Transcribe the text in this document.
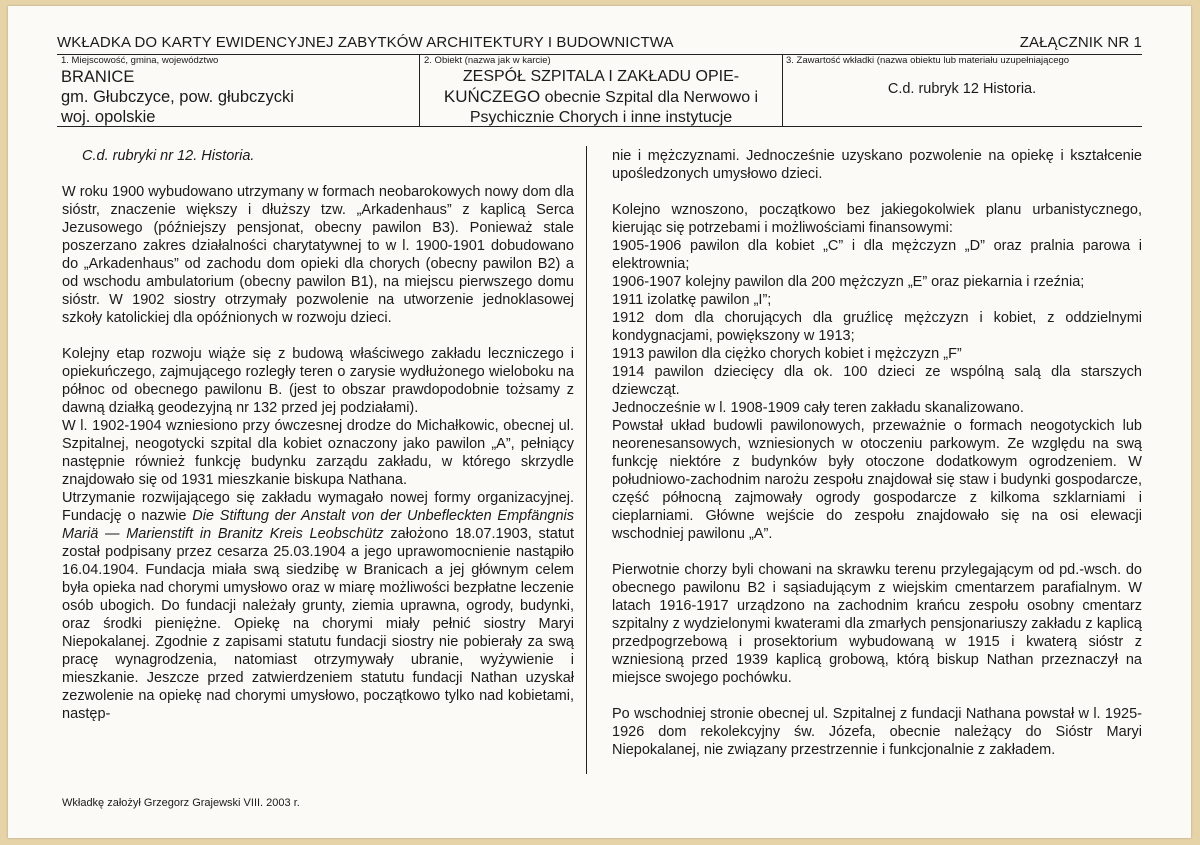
WKŁADKA DO KARTY EWIDENCYJNEJ ZABYTKÓW ARCHITEKTURY I BUDOWNICTWA	ZAŁĄCZNIK NR 1
1. Miejscowość, gmina, województwo
BRANICE
gm. Głubczyce, pow. głubczycki
woj. opolskie
2. Obiekt (nazwa jak w karcie)
ZESPÓŁ SZPITALA I ZAKŁADU OPIE-
KUŃCZEGO obecnie Szpital dla Nerwowo i
Psychicznie Chorych i inne instytucje
3. Zawartość wkładki (nazwa obiektu lub materiału uzupełniającego
C.d. rubryk 12 Historia.

C.d. rubryki nr 12. Historia.

W roku 1900 wybudowano utrzymany w formach neobarokowych nowy dom dla sióstr, znaczenie większy i dłuższy tzw. „Arkadenhaus” z kaplicą Serca Jezusowego (późniejszy pensjonat, obecny pawilon B3). Ponieważ stale poszerzano zakres działalności charytatywnej to w l. 1900-1901 dobudowano do „Arkadenhaus” od zachodu dom opieki dla chorych (obecny pawilon B2) a od wschodu ambulatorium (obecny pawilon B1), na miejscu pierwszego domu sióstr. W 1902 siostry otrzymały pozwolenie na utworzenie jednoklasowej szkoły katolickiej dla opóźnionych w rozwoju dzieci.

Kolejny etap rozwoju wiąże się z budową właściwego zakładu leczniczego i opiekuńczego, zajmującego rozległy teren o zarysie wydłużonego wieloboku na północ od obecnego pawilonu B. (jest to obszar prawdopodobnie tożsamy z dawną działką geodezyjną nr 132 przed jej podziałami).

W l. 1902-1904 wzniesiono przy ówczesnej drodze do Michałkowic, obecnej ul. Szpitalnej, neogotycki szpital dla kobiet oznaczony jako pawilon „A”, pełniący następnie również funkcję budynku zarządu zakładu, w którego skrzydle znajdowało się od 1931 mieszkanie biskupa Nathana.

Utrzymanie rozwijającego się zakładu wymagało nowej formy organizacyjnej. Fundację o nazwie Die Stiftung der Anstalt von der Unbefleckten Empfängnis Mariä — Marienstift in Branitz Kreis Leobschütz założono 18.07.1903, statut został podpisany przez cesarza 25.03.1904 a jego uprawomocnienie nastąpiło 16.04.1904. Fundacja miała swą siedzibę w Branicach a jej głównym celem była opieka nad chorymi umysłowo oraz w miarę możliwości bezpłatne leczenie osób ubogich. Do fundacji należały grunty, ziemia uprawna, ogrody, budynki, oraz środki pieniężne. Opiekę na chorymi miały pełnić siostry Maryi Niepokalanej. Zgodnie z zapisami statutu fundacji siostry nie pobierały za swą pracę wynagrodzenia, natomiast otrzymywały ubranie, wyżywienie i mieszkanie. Jeszcze przed zatwierdzeniem statutu fundacji Nathan uzyskał zezwolenie na opiekę nad chorymi umysłowo, początkowo tylko nad kobietami, następ-

nie i mężczyznami. Jednocześnie uzyskano pozwolenie na opiekę i kształcenie upośledzonych umysłowo dzieci.

Kolejno wznoszono, początkowo bez jakiegokolwiek planu urbanistycznego, kierując się potrzebami i możliwościami finansowymi:

1905-1906 pawilon dla kobiet „C” i dla mężczyzn „D” oraz pralnia parowa i elektrownia;

1906-1907 kolejny pawilon dla 200 mężczyzn „E” oraz piekarnia i rzeźnia;

1911 izolatkę pawilon „I”;

1912 dom dla chorujących dla gruźlicę mężczyzn i kobiet, z oddzielnymi kondygnacjami, powiększony w 1913;

1913 pawilon dla ciężko chorych kobiet i mężczyzn „F”

1914 pawilon dziecięcy dla ok. 100 dzieci ze wspólną salą dla starszych dziewcząt.

Jednocześnie w l. 1908-1909 cały teren zakładu skanalizowano.

Powstał układ budowli pawilonowych, przeważnie o formach neogotyckich lub neorenesansowych, wzniesionych w otoczeniu parkowym. Ze względu na swą funkcję niektóre z budynków były otoczone dodatkowym ogrodzeniem. W południowo-zachodnim narożu zespołu znajdował się staw i budynki gospodarcze, część północną zajmowały ogrody gospodarcze z kilkoma szklarniami i cieplarniami. Główne wejście do zespołu znajdowało się na osi elewacji wschodniej pawilonu „A”.

Pierwotnie chorzy byli chowani na skrawku terenu przylegającym od pd.-wsch. do obecnego pawilonu B2 i sąsiadującym z wiejskim cmentarzem parafialnym. W latach 1916-1917 urządzono na zachodnim krańcu zespołu osobny cmentarz szpitalny z wydzielonymi kwaterami dla zmarłych pensjonariuszy zakładu z kaplicą przedpogrzebową i prosektorium wybudowaną w 1915 i kwaterą sióstr z wzniesioną przed 1939 kaplicą grobową, którą biskup Nathan przeznaczył na miejsce swojego pochówku.

Po wschodniej stronie obecnej ul. Szpitalnej z fundacji Nathana powstał w l. 1925-1926 dom rekolekcyjny św. Józefa, obecnie należący do Sióstr Maryi Niepokalanej, nie związany przestrzennie i funkcjonalnie z zakładem.

Wkładkę założył Grzegorz Grajewski VIII. 2003 r.
